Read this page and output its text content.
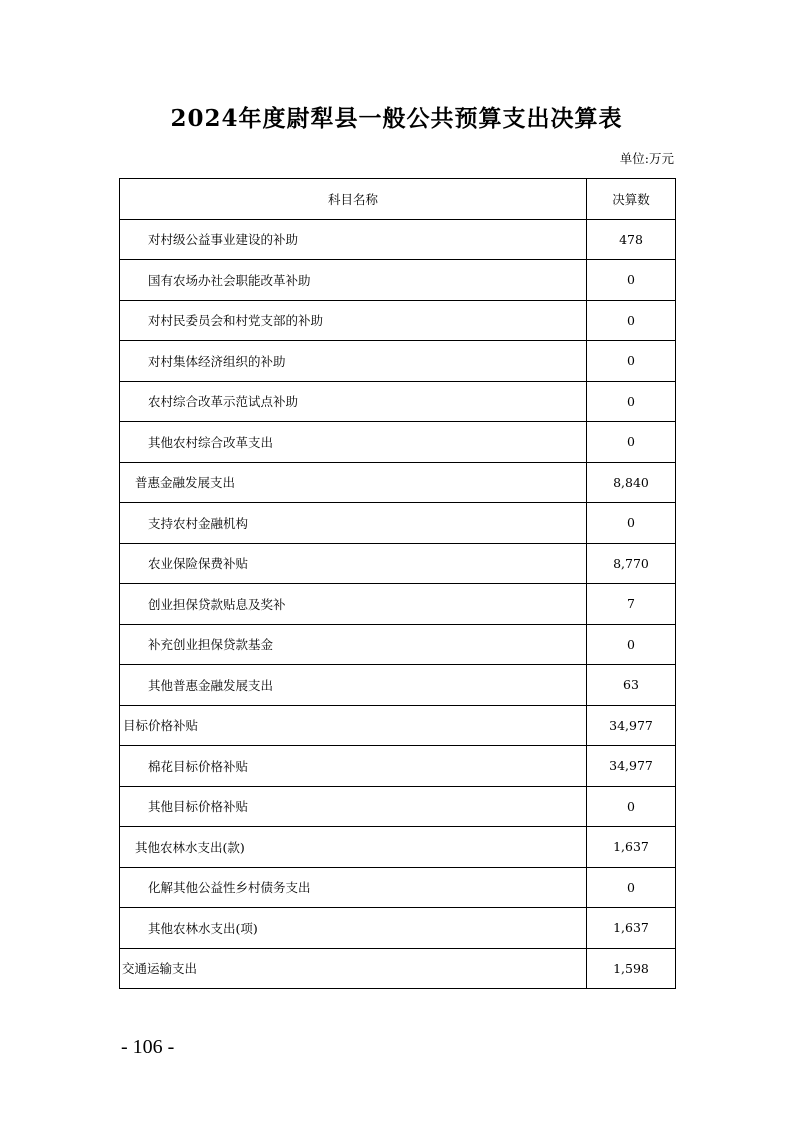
2024年度尉犁县一般公共预算支出决算表
单位:万元
科目名称	决算数
对村级公益事业建设的补助	478
国有农场办社会职能改革补助	0
对村民委员会和村党支部的补助	0
对村集体经济组织的补助	0
农村综合改革示范试点补助	0
其他农村综合改革支出	0
普惠金融发展支出	8,840
支持农村金融机构	0
农业保险保费补贴	8,770
创业担保贷款贴息及奖补	7
补充创业担保贷款基金	0
其他普惠金融发展支出	63
目标价格补贴	34,977
棉花目标价格补贴	34,977
其他目标价格补贴	0
其他农林水支出(款)	1,637
化解其他公益性乡村债务支出	0
其他农林水支出(项)	1,637
交通运输支出	1,598
- 106 -
